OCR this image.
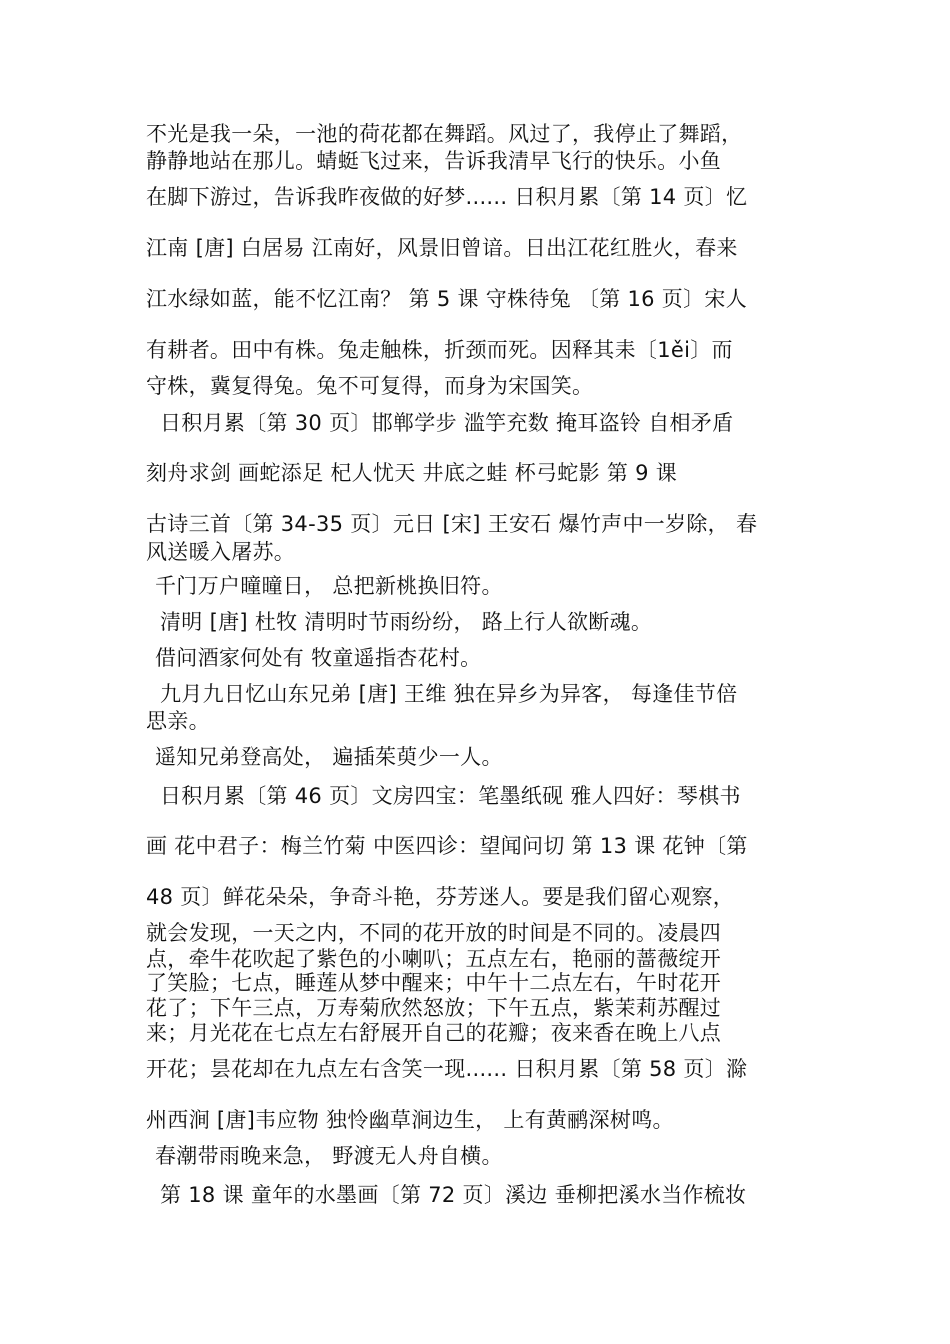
不光是我一朵，一池的荷花都在舞蹈。风过了，我停止了舞蹈，
静静地站在那儿。蜻蜓飞过来，告诉我清早飞行的快乐。小鱼
在脚下游过，告诉我昨夜做的好梦...... 日积月累〔第 14 页〕忆
江南 [唐] 白居易 江南好，风景旧曾谙。日出江花红胜火，春来
江水绿如蓝，能不忆江南？ 第 5 课 守株待兔 〔第 16 页〕宋人
有耕者。田中有株。兔走触株，折颈而死。因释其耒〔1ěi〕而
守株，冀复得兔。兔不可复得，而身为宋国笑。
日积月累〔第 30 页〕邯郸学步 滥竽充数 掩耳盗铃 自相矛盾
刻舟求剑 画蛇添足 杞人忧天 井底之蛙 杯弓蛇影 第 9 课
古诗三首〔第 34-35 页〕元日 [宋] 王安石 爆竹声中一岁除， 春
风送暖入屠苏。
千门万户曈曈日， 总把新桃换旧符。
清明 [唐] 杜牧 清明时节雨纷纷， 路上行人欲断魂。
借问酒家何处有 牧童遥指杏花村。
九月九日忆山东兄弟 [唐] 王维 独在异乡为异客， 每逢佳节倍
思亲。
遥知兄弟登高处， 遍插茱萸少一人。
日积月累〔第 46 页〕文房四宝：笔墨纸砚 雅人四好：琴棋书
画 花中君子：梅兰竹菊 中医四诊：望闻问切 第 13 课 花钟〔第
48 页〕鲜花朵朵，争奇斗艳，芬芳迷人。要是我们留心观察，
就会发现，一天之内，不同的花开放的时间是不同的。凌晨四
点，牵牛花吹起了紫色的小喇叭；五点左右，艳丽的蔷薇绽开
了笑脸；七点，睡莲从梦中醒来；中午十二点左右，午时花开
花了；下午三点，万寿菊欣然怒放；下午五点，紫茉莉苏醒过
来；月光花在七点左右舒展开自己的花瓣；夜来香在晚上八点
开花；昙花却在九点左右含笑一现...... 日积月累〔第 58 页〕滁
州西涧 [唐]韦应物 独怜幽草涧边生， 上有黄鹂深树鸣。
春潮带雨晚来急， 野渡无人舟自横。
第 18 课 童年的水墨画〔第 72 页〕溪边 垂柳把溪水当作梳妆
